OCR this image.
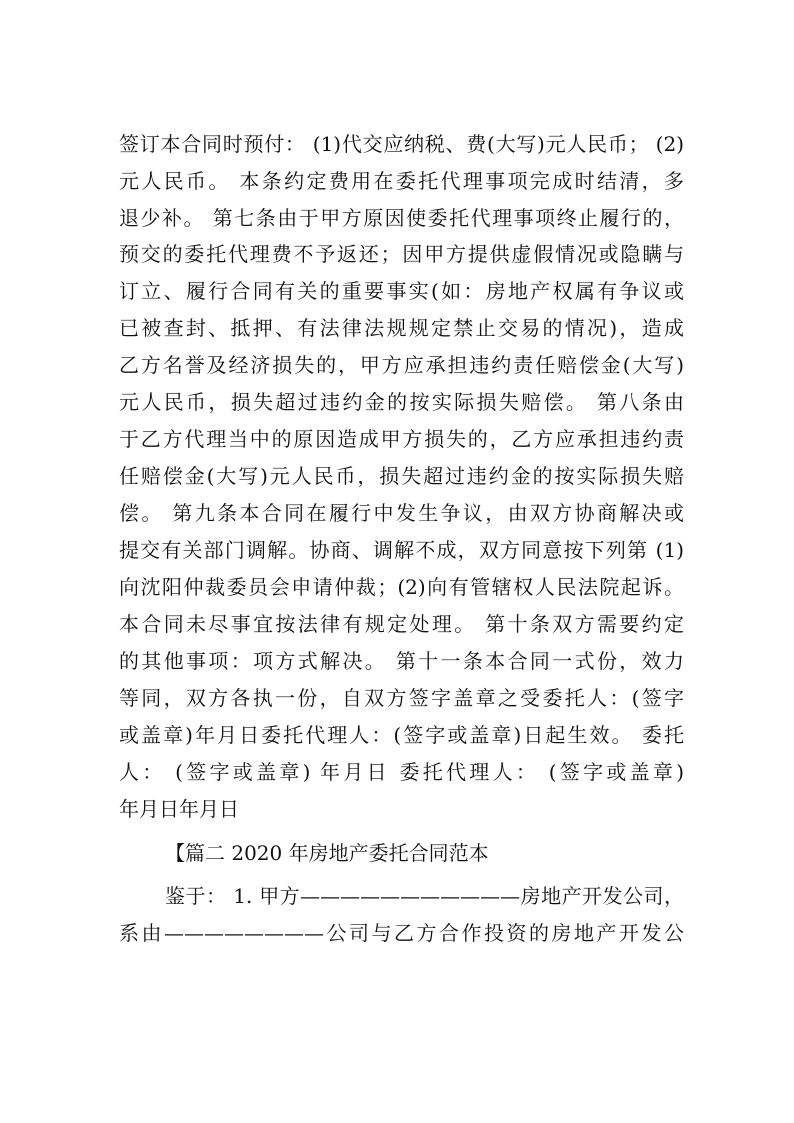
签订本合同时预付： (1)代交应纳税、费(大写)元人民币； (2)
元人民币。 本条约定费用在委托代理事项完成时结清，多
退少补。 第七条由于甲方原因使委托代理事项终止履行的，
预交的委托代理费不予返还；因甲方提供虚假情况或隐瞒与
订立、履行合同有关的重要事实(如：房地产权属有争议或
已被查封、抵押、有法律法规规定禁止交易的情况)，造成
乙方名誉及经济损失的，甲方应承担违约责任赔偿金(大写)
元人民币，损失超过违约金的按实际损失赔偿。 第八条由
于乙方代理当中的原因造成甲方损失的，乙方应承担违约责
任赔偿金(大写)元人民币，损失超过违约金的按实际损失赔
偿。 第九条本合同在履行中发生争议，由双方协商解决或
提交有关部门调解。协商、调解不成，双方同意按下列第 (1)
向沈阳仲裁委员会申请仲裁；(2)向有管辖权人民法院起诉。
本合同未尽事宜按法律有规定处理。 第十条双方需要约定
的其他事项：项方式解决。 第十一条本合同一式份，效力
等同，双方各执一份，自双方签字盖章之受委托人：(签字
或盖章)年月日委托代理人：(签字或盖章)日起生效。 委托
人： (签字或盖章) 年月日 委托代理人： (签字或盖章)
年月日年月日
【篇二 2020 年房地产委托合同范本
鉴于： 1. 甲方———————————房地产开发公司，
系由————————公司与乙方合作投资的房地产开发公
